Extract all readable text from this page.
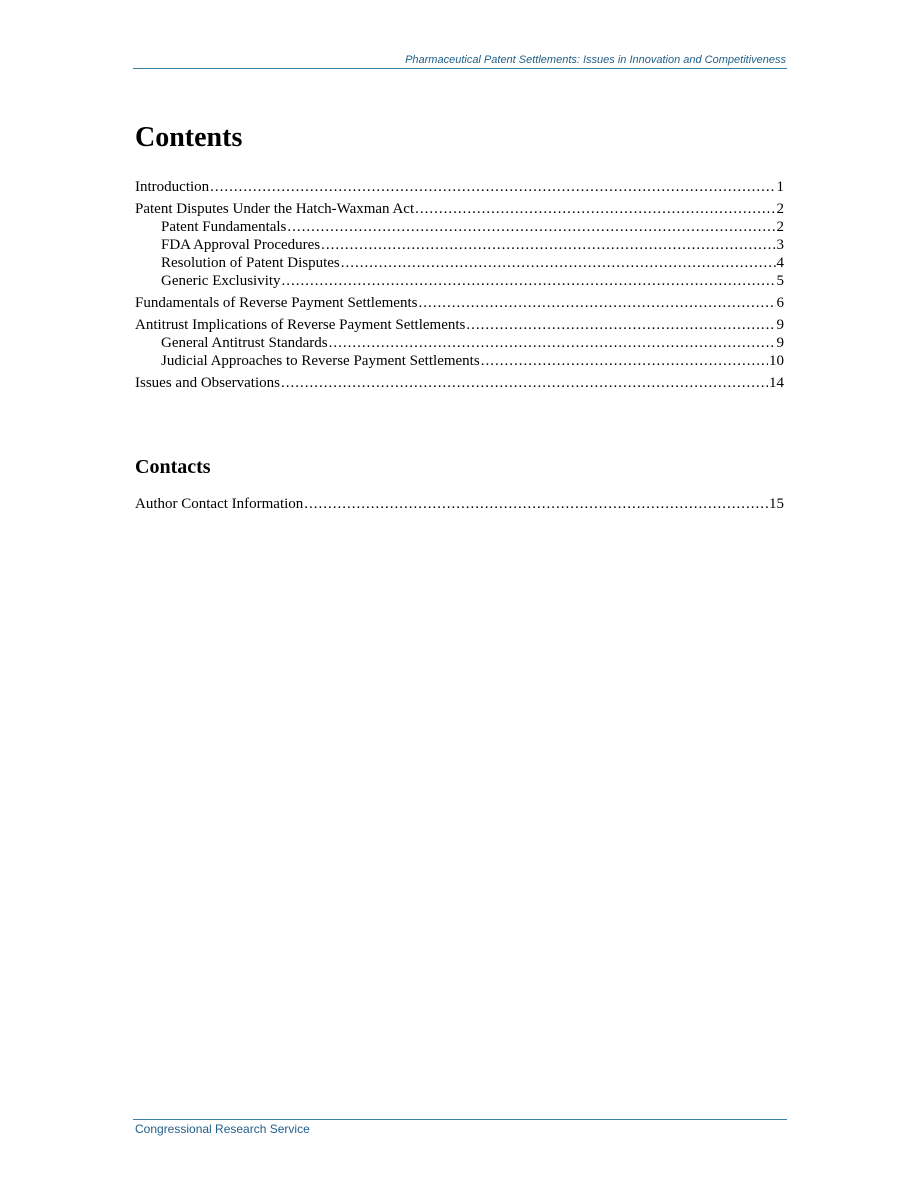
Pharmaceutical Patent Settlements: Issues in Innovation and Competitiveness
Contents
Introduction .....	1
Patent Disputes Under the Hatch-Waxman Act .....	2
Patent Fundamentals .....	2
FDA Approval Procedures .....	3
Resolution of Patent Disputes .....	4
Generic Exclusivity .....	5
Fundamentals of Reverse Payment Settlements .....	6
Antitrust Implications of Reverse Payment Settlements .....	9
General Antitrust Standards .....	9
Judicial Approaches to Reverse Payment Settlements .....	10
Issues and Observations .....	14
Contacts
Author Contact Information .....	15
Congressional Research Service
